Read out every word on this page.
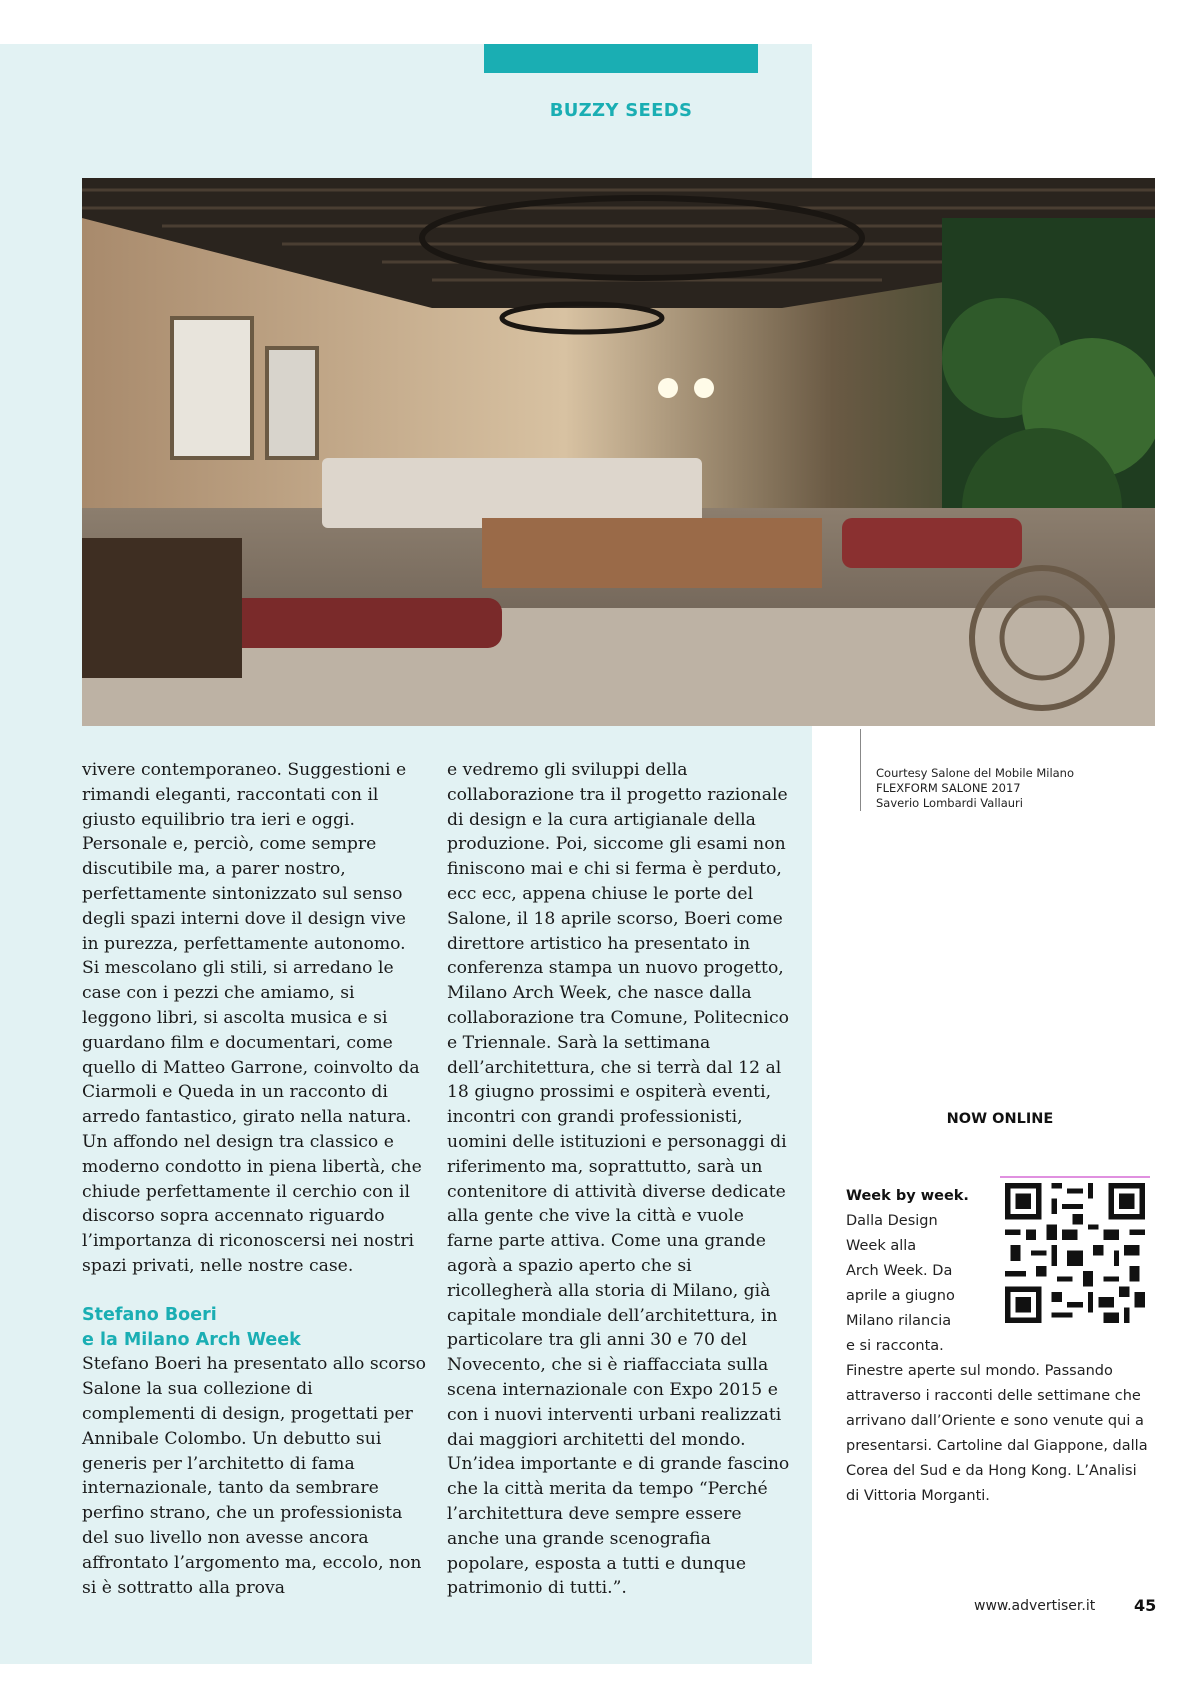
BUZZY SEEDS

vivere contemporaneo. Suggestioni e rimandi eleganti, raccontati con il giusto equilibrio tra ieri e oggi. Personale e, perciò, come sempre discutibile ma, a parer nostro, perfettamente sintonizzato sul senso degli spazi interni dove il design vive in purezza, perfettamente autonomo. Si mescolano gli stili, si arredano le case con i pezzi che amiamo, si leggono libri, si ascolta musica e si guardano film e documentari, come quello di Matteo Garrone, coinvolto da Ciarmoli e Queda in un racconto di arredo fantastico, girato nella natura. Un affondo nel design tra classico e moderno condotto in piena libertà, che chiude perfettamente il cerchio con il discorso sopra accennato riguardo l’importanza di riconoscersi nei nostri spazi privati, nelle nostre case.

Stefano Boeri
e la Milano Arch Week

Stefano Boeri ha presentato allo scorso Salone la sua collezione di complementi di design, progettati per Annibale Colombo. Un debutto sui generis per l’architetto di fama internazionale, tanto da sembrare perfino strano, che un professionista del suo livello non avesse ancora affrontato l’argomento ma, eccolo, non si è sottratto alla prova

e vedremo gli sviluppi della collaborazione tra il progetto razionale di design e la cura artigianale della produzione. Poi, siccome gli esami non finiscono mai e chi si ferma è perduto, ecc ecc, appena chiuse le porte del Salone, il 18 aprile scorso, Boeri come direttore artistico ha presentato in conferenza stampa un nuovo progetto, Milano Arch Week, che nasce dalla collaborazione tra Comune, Politecnico e Triennale. Sarà la settimana dell’architettura, che si terrà dal 12 al 18 giugno prossimi e ospiterà eventi, incontri con grandi professionisti, uomini delle istituzioni e personaggi di riferimento ma, soprattutto, sarà un contenitore di attività diverse dedicate alla gente che vive la città e vuole farne parte attiva. Come una grande agorà a spazio aperto che si ricollegherà alla storia di Milano, già capitale mondiale dell’architettura, in particolare tra gli anni 30 e 70 del Novecento, che si è riaffacciata sulla scena internazionale con Expo 2015 e con i nuovi interventi urbani realizzati dai maggiori architetti del mondo. Un’idea importante e di grande fascino che la città merita da tempo “Perché l’architettura deve sempre essere anche una grande scenografia popolare, esposta a tutti e dunque patrimonio di tutti.”.

Courtesy Salone del Mobile Milano
FLEXFORM SALONE 2017
Saverio Lombardi Vallauri
NOW ONLINE
Week by week.
Dalla Design
Week alla
Arch Week. Da
aprile a giugno
Milano rilancia
e si racconta.
Finestre aperte sul mondo. Passando
attraverso i racconti delle settimane che
arrivano dall’Oriente e sono venute qui a
presentarsi. Cartoline dal Giappone, dalla
Corea del Sud e da Hong Kong. L’Analisi
di Vittoria Morganti.
www.advertiser.it 45
